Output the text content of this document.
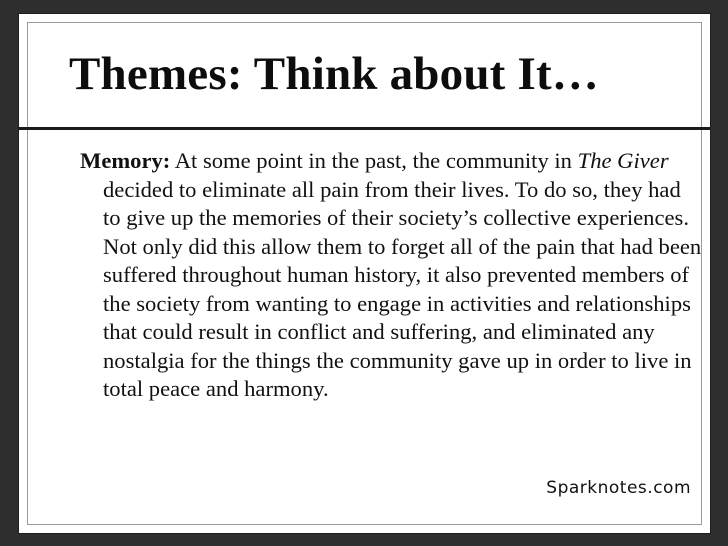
Themes: Think about It…

Memory: At some point in the past, the community in The Giver decided to eliminate all pain from their lives. To do so, they had to give up the memories of their society’s collective experiences. Not only did this allow them to forget all of the pain that had been suffered throughout human history, it also prevented members of the society from wanting to engage in activities and relationships that could result in conflict and suffering, and eliminated any nostalgia for the things the community gave up in order to live in total peace and harmony.

Sparknotes.com
